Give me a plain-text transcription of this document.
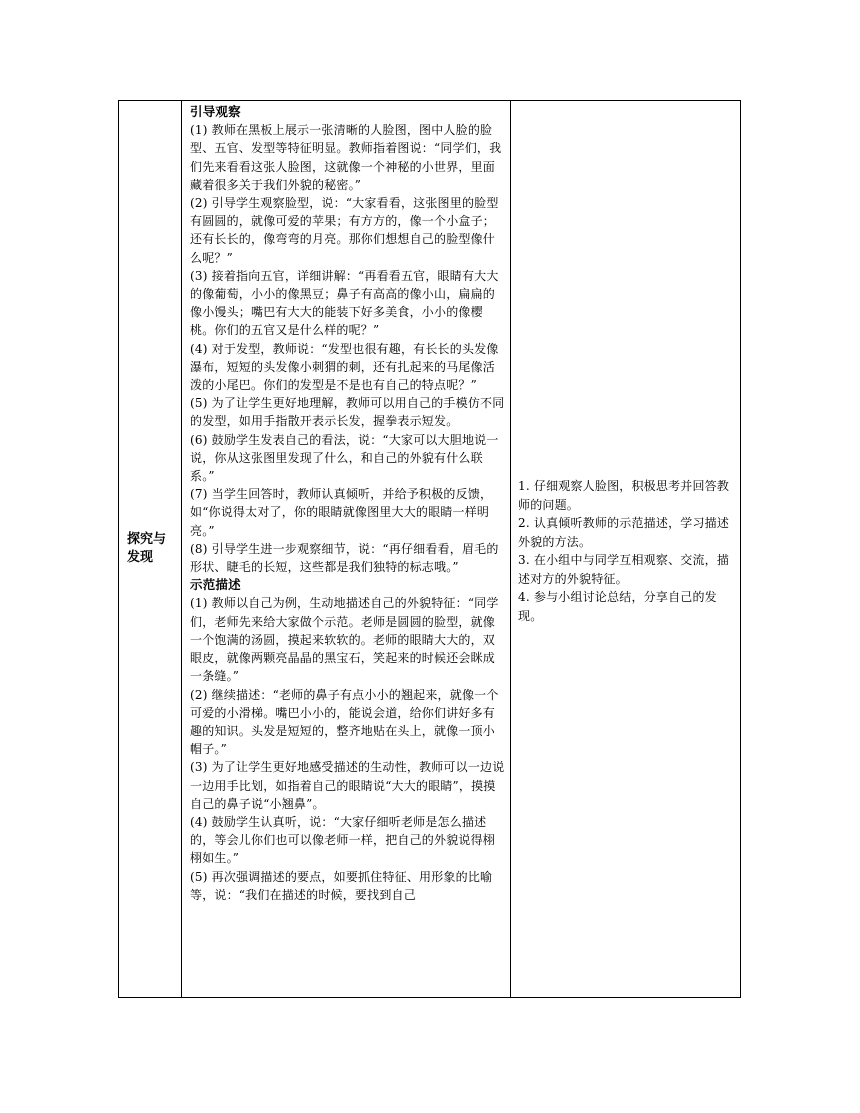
探究与发现

引导观察

(1) 教师在黑板上展示一张清晰的人脸图，图中人脸的脸型、五官、发型等特征明显。教师指着图说：“同学们，我们先来看看这张人脸图，这就像一个神秘的小世界，里面藏着很多关于我们外貌的秘密。”

(2) 引导学生观察脸型，说：“大家看看，这张图里的脸型有圆圆的，就像可爱的苹果；有方方的，像一个小盒子；还有长长的，像弯弯的月亮。那你们想想自己的脸型像什么呢？”

(3) 接着指向五官，详细讲解：“再看看五官，眼睛有大大的像葡萄，小小的像黑豆；鼻子有高高的像小山，扁扁的像小馒头；嘴巴有大大的能装下好多美食，小小的像樱桃。你们的五官又是什么样的呢？”

(4) 对于发型，教师说：“发型也很有趣，有长长的头发像瀑布，短短的头发像小刺猬的刺，还有扎起来的马尾像活泼的小尾巴。你们的发型是不是也有自己的特点呢？”

(5) 为了让学生更好地理解，教师可以用自己的手模仿不同的发型，如用手指散开表示长发，握拳表示短发。

(6) 鼓励学生发表自己的看法，说：“大家可以大胆地说一说，你从这张图里发现了什么，和自己的外貌有什么联系。”

(7) 当学生回答时，教师认真倾听，并给予积极的反馈，如“你说得太对了，你的眼睛就像图里大大的眼睛一样明亮。”

(8) 引导学生进一步观察细节，说：“再仔细看看，眉毛的形状、睫毛的长短，这些都是我们独特的标志哦。”

示范描述

(1) 教师以自己为例，生动地描述自己的外貌特征：“同学们，老师先来给大家做个示范。老师是圆圆的脸型，就像一个饱满的汤圆，摸起来软软的。老师的眼睛大大的，双眼皮，就像两颗亮晶晶的黑宝石，笑起来的时候还会眯成一条缝。”

(2) 继续描述：“老师的鼻子有点小小的翘起来，就像一个可爱的小滑梯。嘴巴小小的，能说会道，给你们讲好多有趣的知识。头发是短短的，整齐地贴在头上，就像一顶小帽子。”

(3) 为了让学生更好地感受描述的生动性，教师可以一边说一边用手比划，如指着自己的眼睛说“大大的眼睛”，摸摸自己的鼻子说“小翘鼻”。

(4) 鼓励学生认真听，说：“大家仔细听老师是怎么描述的，等会儿你们也可以像老师一样，把自己的外貌说得栩栩如生。”

(5) 再次强调描述的要点，如要抓住特征、用形象的比喻等，说：“我们在描述的时候，要找到自己

1. 仔细观察人脸图，积极思考并回答教师的问题。

2. 认真倾听教师的示范描述，学习描述外貌的方法。

3. 在小组中与同学互相观察、交流，描述对方的外貌特征。

4. 参与小组讨论总结，分享自己的发现。
